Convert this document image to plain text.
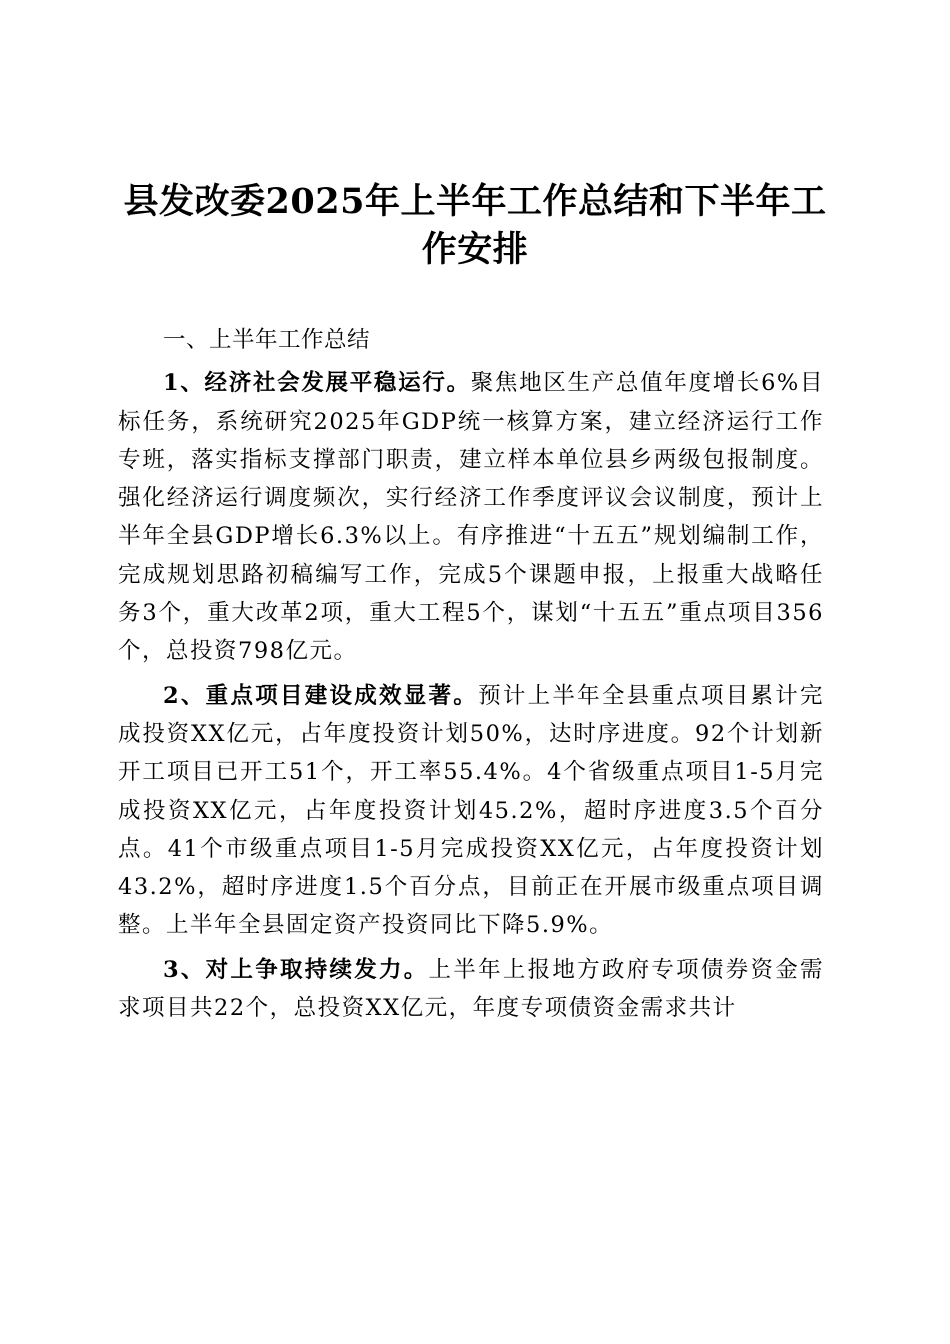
县发改委2025年上半年工作总结和下半年工作安排

一、上半年工作总结

1、经济社会发展平稳运行。聚焦地区生产总值年度增长6%目标任务，系统研究2025年GDP统一核算方案，建立经济运行工作专班，落实指标支撑部门职责，建立样本单位县乡两级包报制度。强化经济运行调度频次，实行经济工作季度评议会议制度，预计上半年全县GDP增长6.3%以上。有序推进“十五五”规划编制工作，完成规划思路初稿编写工作，完成5个课题申报，上报重大战略任务3个，重大改革2项，重大工程5个，谋划“十五五”重点项目356个，总投资798亿元。

2、重点项目建设成效显著。预计上半年全县重点项目累计完成投资XX亿元，占年度投资计划50%，达时序进度。92个计划新开工项目已开工51个，开工率55.4%。4个省级重点项目1-5月完成投资XX亿元，占年度投资计划45.2%，超时序进度3.5个百分点。41个市级重点项目1-5月完成投资XX亿元，占年度投资计划43.2%，超时序进度1.5个百分点，目前正在开展市级重点项目调整。上半年全县固定资产投资同比下降5.9%。

3、对上争取持续发力。上半年上报地方政府专项债券资金需求项目共22个，总投资XX亿元，年度专项债资金需求共计
